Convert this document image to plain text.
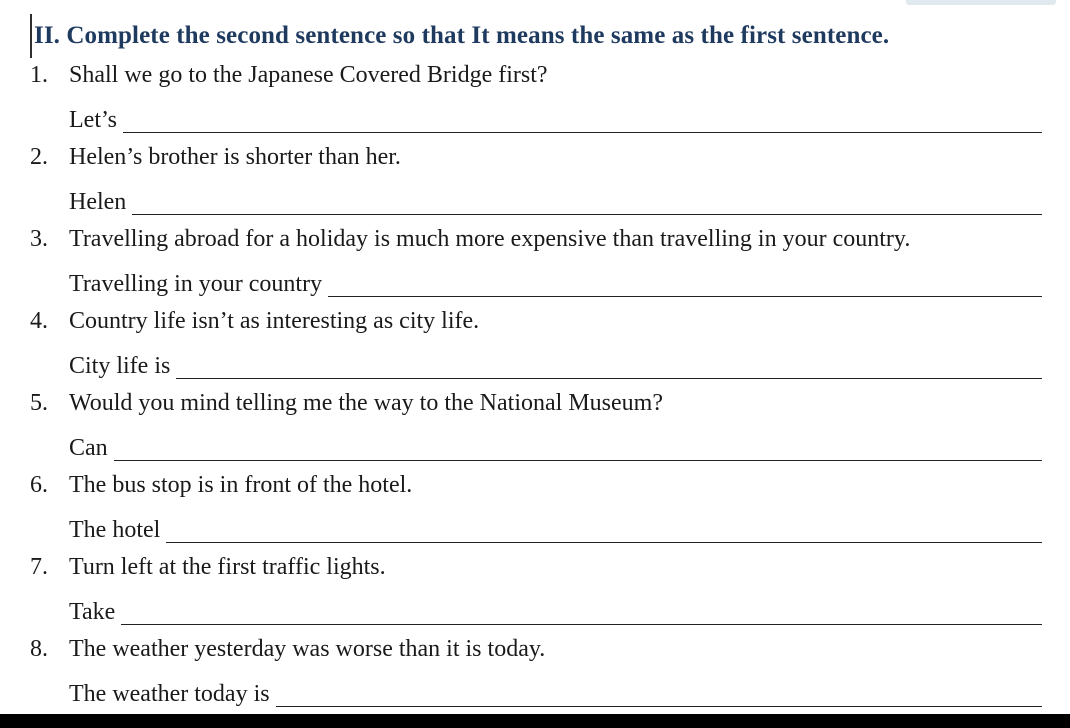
II. Complete the second sentence so that It means the same as the first sentence.
1. Shall we go to the Japanese Covered Bridge first?
Let’s
2. Helen’s brother is shorter than her.
Helen
3. Travelling abroad for a holiday is much more expensive than travelling in your country.
Travelling in your country
4. Country life isn’t as interesting as city life.
City life is
5. Would you mind telling me the way to the National Museum?
Can
6. The bus stop is in front of the hotel.
The hotel
7. Turn left at the first traffic lights.
Take
8. The weather yesterday was worse than it is today.
The weather today is
